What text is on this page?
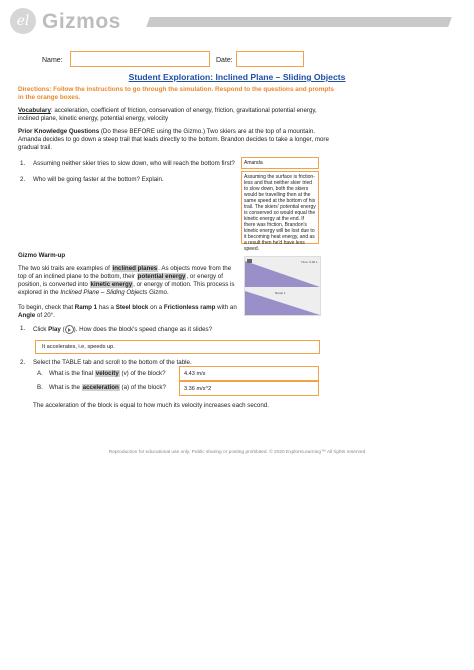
el Gizmos
Name:	Date:
Student Exploration: Inclined Plane – Sliding Objects
Directions: Follow the instructions to go through the simulation. Respond to the questions and prompts in the orange boxes.
Vocabulary: acceleration, coefficient of friction, conservation of energy, friction, gravitational potential energy, inclined plane, kinetic energy, potential energy, velocity
Prior Knowledge Questions (Do these BEFORE using the Gizmo.) Two skiers are at the top of a mountain. Amanda decides to go down a steep trail that leads directly to the bottom. Brandon decides to take a longer, more gradual trail.
1. Assuming neither skier tries to slow down, who will reach the bottom first?	Amanda
2. Who will be going faster at the bottom? Explain.	Assuming the surface is friction-less and that neither skier tried to slow down, both the skiers would be travelling then at the same speed at the bottom of his trail. The skiers' potential energy is conserved so would equal the kinetic energy at the end. If there was friction, Brandon's kinetic energy will be lost due to it becoming heat energy, and as a result then he'd have less speed.
Gizmo Warm-up
The two ski trails are examples of inclined planes. As objects move from the top of an inclined plane to the bottom, their potential energy, or energy of position, is converted into kinetic energy, or energy of motion. This process is explored in the Inclined Plane – Sliding Objects Gizmo.
To begin, check that Ramp 1 has a Steel block on a Frictionless ramp with an Angle of 20°.
Time: 0.00 s
Ramp 1
1. Click Play ( ). How does the block's speed change as it slides?
It accelerates, i.e, speeds up.
2. Select the TABLE tab and scroll to the bottom of the table.
A. What is the final velocity (v) of the block?	4.43 m/s
B. What is the acceleration (a) of the block?	3.36 m/s^2
The acceleration of the block is equal to how much its velocity increases each second.
Reproduction for educational use only. Public sharing or posting prohibited. © 2020 ExploreLearning™ All rights reserved
